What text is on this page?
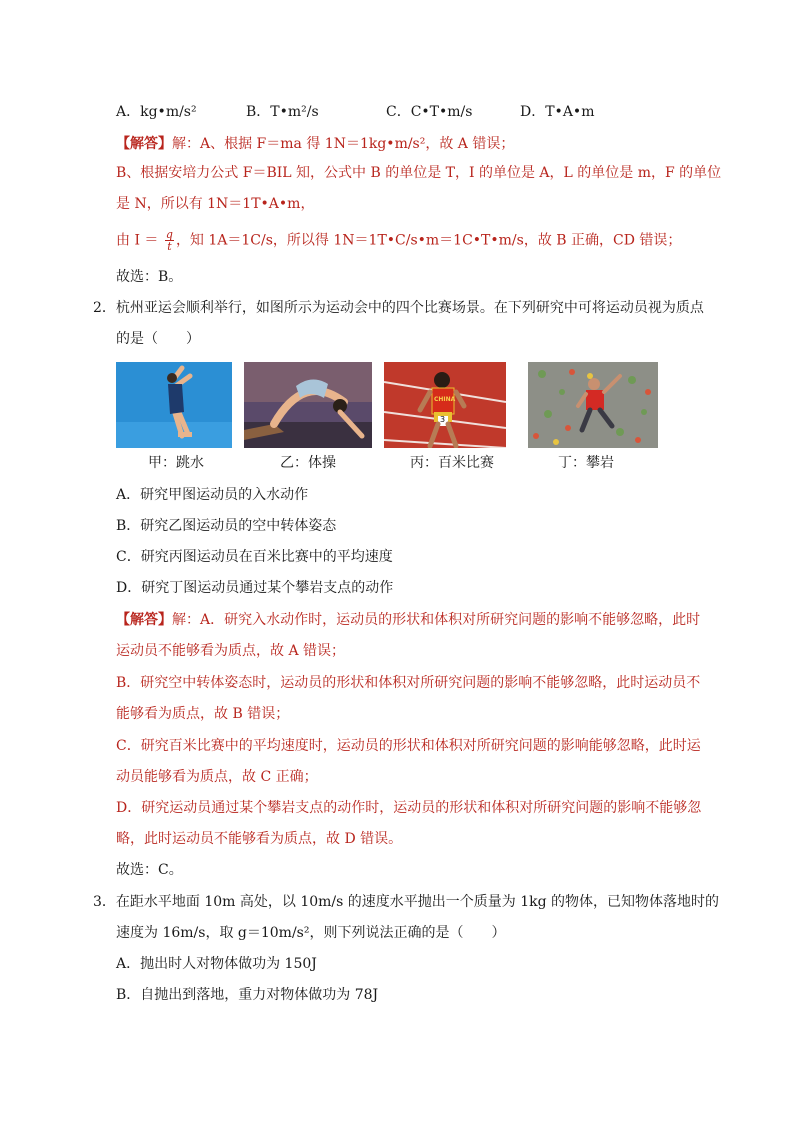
A．kg•m/s²	B．T•m²/s	C．C•T•m/s	D．T•A•m
【解答】解：A、根据 F＝ma 得 1N＝1kg•m/s²，故 A 错误；
B、根据安培力公式 F＝BIL 知，公式中 B 的单位是 T，I 的单位是 A，L 的单位是 m，F 的单位
是 N，所以有 1N＝1T•A•m，
由 $I = \frac{q}{t}$ ，知 1A＝1C/s，所以得 1N＝1T•C/s•m＝1C•T•m/s，故 B 正确，CD 错误；
故选：B。
2．杭州亚运会顺利举行，如图所示为运动会中的四个比赛场景。在下列研究中可将运动员视为质点
的是（　　）
CHINA
3
甲：跳水	乙：体操	丙：百米比赛	丁：攀岩
A．研究甲图运动员的入水动作
B．研究乙图运动员的空中转体姿态
C．研究丙图运动员在百米比赛中的平均速度
D．研究丁图运动员通过某个攀岩支点的动作
【解答】解：A．研究入水动作时，运动员的形状和体积对所研究问题的影响不能够忽略，此时
运动员不能够看为质点，故 A 错误；
B．研究空中转体姿态时，运动员的形状和体积对所研究问题的影响不能够忽略，此时运动员不
能够看为质点，故 B 错误；
C．研究百米比赛中的平均速度时，运动员的形状和体积对所研究问题的影响能够忽略，此时运
动员能够看为质点，故 C 正确；
D．研究运动员通过某个攀岩支点的动作时，运动员的形状和体积对所研究问题的影响不能够忽
略，此时运动员不能够看为质点，故 D 错误。
故选：C。
3．在距水平地面 10m 高处，以 10m/s 的速度水平抛出一个质量为 1kg 的物体，已知物体落地时的
速度为 16m/s，取 g＝10m/s²，则下列说法正确的是（　　）
A．抛出时人对物体做功为 150J
B．自抛出到落地，重力对物体做功为 78J
